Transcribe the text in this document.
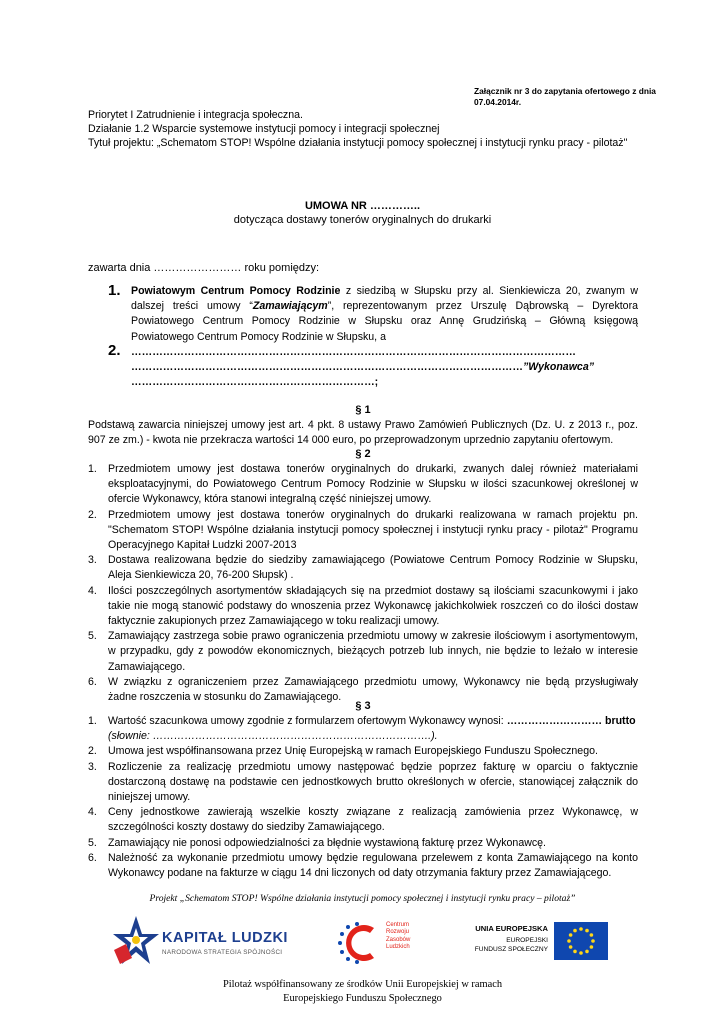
Załącznik nr 3 do zapytania ofertowego z dnia 07.04.2014r.
Priorytet I Zatrudnienie i integracja społeczna.
Działanie 1.2 Wsparcie systemowe instytucji pomocy i integracji społecznej
Tytuł projektu: „Schematom STOP! Wspólne działania instytucji pomocy społecznej i instytucji rynku pracy - pilotaż"
UMOWA NR …………..
dotycząca dostawy tonerów oryginalnych do drukarki
zawarta dnia …………………… roku pomiędzy:
1. Powiatowym Centrum Pomocy Rodzinie z siedzibą w Słupsku przy al. Sienkiewicza 20, zwanym w dalszej treści umowy “Zamawiającym”, reprezentowanym przez Urszulę Dąbrowską – Dyrektora Powiatowego Centrum Pomocy Rodzinie w Słupsku oraz Annę Grudzińską – Główną księgową Powiatowego Centrum Pomocy Rodzinie w Słupsku, a
2. ………………………………………………………………………………………………………………
…………………………………………………………………………………………………”Wykonawca”
……………………………………………………………;
§ 1
Podstawą zawarcia niniejszej umowy jest art. 4 pkt. 8 ustawy Prawo Zamówień Publicznych (Dz. U. z 2013 r., poz. 907 ze zm.) - kwota nie przekracza wartości 14 000 euro, po przeprowadzonym uprzednio zapytaniu ofertowym.
§ 2
1. Przedmiotem umowy jest dostawa tonerów oryginalnych do drukarki, zwanych dalej również materiałami eksploatacyjnymi, do Powiatowego Centrum Pomocy Rodzinie w Słupsku w ilości szacunkowej określonej w ofercie Wykonawcy, która stanowi integralną część niniejszej umowy.
2. Przedmiotem umowy jest dostawa tonerów oryginalnych do drukarki realizowana w ramach projektu pn. "Schematom STOP! Wspólne działania instytucji pomocy społecznej i instytucji rynku pracy - pilotaż" Programu Operacyjnego Kapitał Ludzki 2007-2013
3. Dostawa realizowana będzie do siedziby zamawiającego (Powiatowe Centrum Pomocy Rodzinie w Słupsku, Aleja Sienkiewicza 20, 76-200 Słupsk) .
4. Ilości poszczególnych asortymentów składających się na przedmiot dostawy są ilościami szacunkowymi i jako takie nie mogą stanowić podstawy do wnoszenia przez Wykonawcę jakichkolwiek roszczeń co do ilości dostaw faktycznie zakupionych przez Zamawiającego w toku realizacji umowy.
5. Zamawiający zastrzega sobie prawo ograniczenia przedmiotu umowy w zakresie ilościowym i asortymentowym, w przypadku, gdy z powodów ekonomicznych, bieżących potrzeb lub innych, nie będzie to leżało w interesie Zamawiającego.
6. W związku z ograniczeniem przez Zamawiającego przedmiotu umowy, Wykonawcy nie będą przysługiwały żadne roszczenia w stosunku do Zamawiającego.
§ 3
1. Wartość szacunkowa umowy zgodnie z formularzem ofertowym Wykonawcy wynosi: ……………………… brutto
(słownie: …………………………………………………………………….).
2. Umowa jest współfinansowana przez Unię Europejską w ramach Europejskiego Funduszu Społecznego.
3. Rozliczenie za realizację przedmiotu umowy następować będzie poprzez fakturę w oparciu o faktycznie dostarczoną dostawę na podstawie cen jednostkowych brutto określonych w ofercie, stanowiącej załącznik do niniejszej umowy.
4. Ceny jednostkowe zawierają wszelkie koszty związane z realizacją zamówienia przez Wykonawcę, w szczególności koszty dostawy do siedziby Zamawiającego.
5. Zamawiający nie ponosi odpowiedzialności za błędnie wystawioną fakturę przez Wykonawcę.
6. Należność za wykonanie przedmiotu umowy będzie regulowana przelewem z konta Zamawiającego na konto Wykonawcy podane na fakturze w ciągu 14 dni liczonych od daty otrzymania faktury przez Zamawiającego.
Projekt „Schematom STOP! Wspólne działania instytucji pomocy społecznej i instytucji rynku pracy – pilotaż”
KAPITAŁ LUDZKI
NARODOWA STRATEGIA SPÓJNOŚCI
Centrum
Rozwoju
Zasobów
Ludzkich
UNIA EUROPEJSKA
EUROPEJSKI
FUNDUSZ SPOŁECZNY
Pilotaż współfinansowany ze środków Unii Europejskiej w ramach
Europejskiego Funduszu Społecznego
